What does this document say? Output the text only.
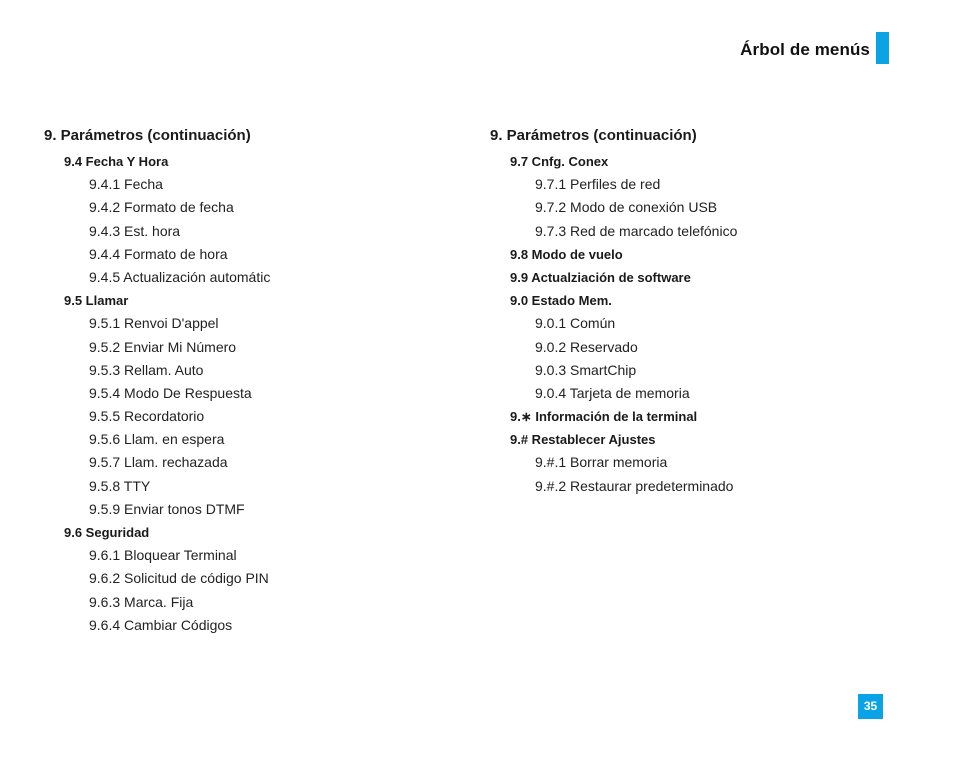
Árbol de menús
9. Parámetros (continuación)
9.4 Fecha Y Hora
9.4.1 Fecha
9.4.2 Formato de fecha
9.4.3 Est. hora
9.4.4 Formato de hora
9.4.5 Actualización automátic
9.5 Llamar
9.5.1 Renvoi D'appel
9.5.2 Enviar Mi Número
9.5.3 Rellam. Auto
9.5.4 Modo De Respuesta
9.5.5 Recordatorio
9.5.6 Llam. en espera
9.5.7 Llam. rechazada
9.5.8 TTY
9.5.9 Enviar tonos DTMF
9.6 Seguridad
9.6.1 Bloquear Terminal
9.6.2 Solicitud de código PIN
9.6.3 Marca. Fija
9.6.4 Cambiar Códigos
9. Parámetros (continuación)
9.7 Cnfg. Conex
9.7.1 Perfiles de red
9.7.2 Modo de conexión USB
9.7.3 Red de marcado telefónico
9.8 Modo de vuelo
9.9 Actualziación de software
9.0 Estado Mem.
9.0.1 Común
9.0.2 Reservado
9.0.3 SmartChip
9.0.4 Tarjeta de memoria
9.∗ Información de la terminal
9.# Restablecer Ajustes
9.#.1 Borrar memoria
9.#.2 Restaurar predeterminado
35
